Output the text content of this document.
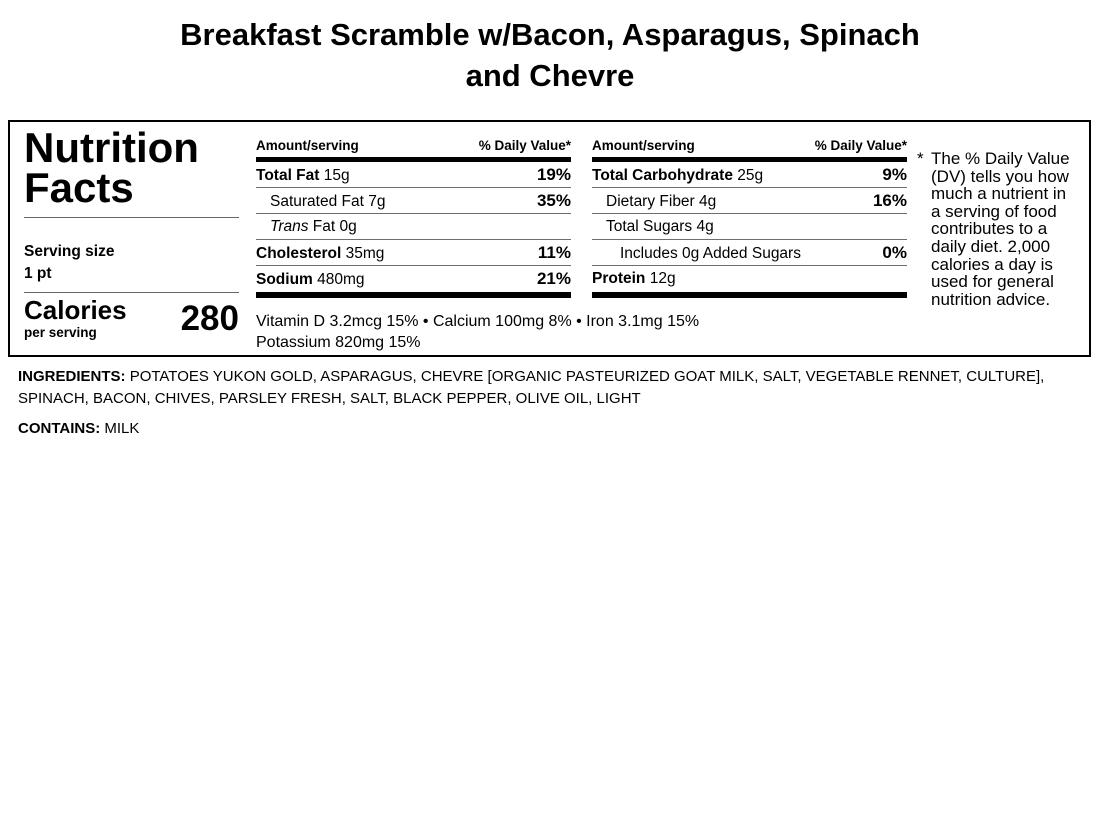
Breakfast Scramble w/Bacon, Asparagus, Spinach
and Chevre
Nutrition Facts
Serving size
1 pt
Calories
per serving	280
Amount/serving	% Daily Value*
Total Fat 15g	19%
Saturated Fat 7g	35%
Trans Fat 0g
Cholesterol 35mg	11%
Sodium 480mg	21%
Amount/serving	% Daily Value*
Total Carbohydrate 25g	9%
Dietary Fiber 4g	16%
Total Sugars 4g
Includes 0g Added Sugars	0%
Protein 12g
Vitamin D 3.2mcg 15% • Calcium 100mg 8% • Iron 3.1mg 15%
Potassium 820mg 15%
* The % Daily Value (DV) tells you how much a nutrient in a serving of food contributes to a daily diet. 2,000 calories a day is used for general nutrition advice.

INGREDIENTS: POTATOES YUKON GOLD, ASPARAGUS, CHEVRE [ORGANIC PASTEURIZED GOAT MILK, SALT, VEGETABLE RENNET, CULTURE], SPINACH, BACON, CHIVES, PARSLEY FRESH, SALT, BLACK PEPPER, OLIVE OIL, LIGHT

CONTAINS: MILK
